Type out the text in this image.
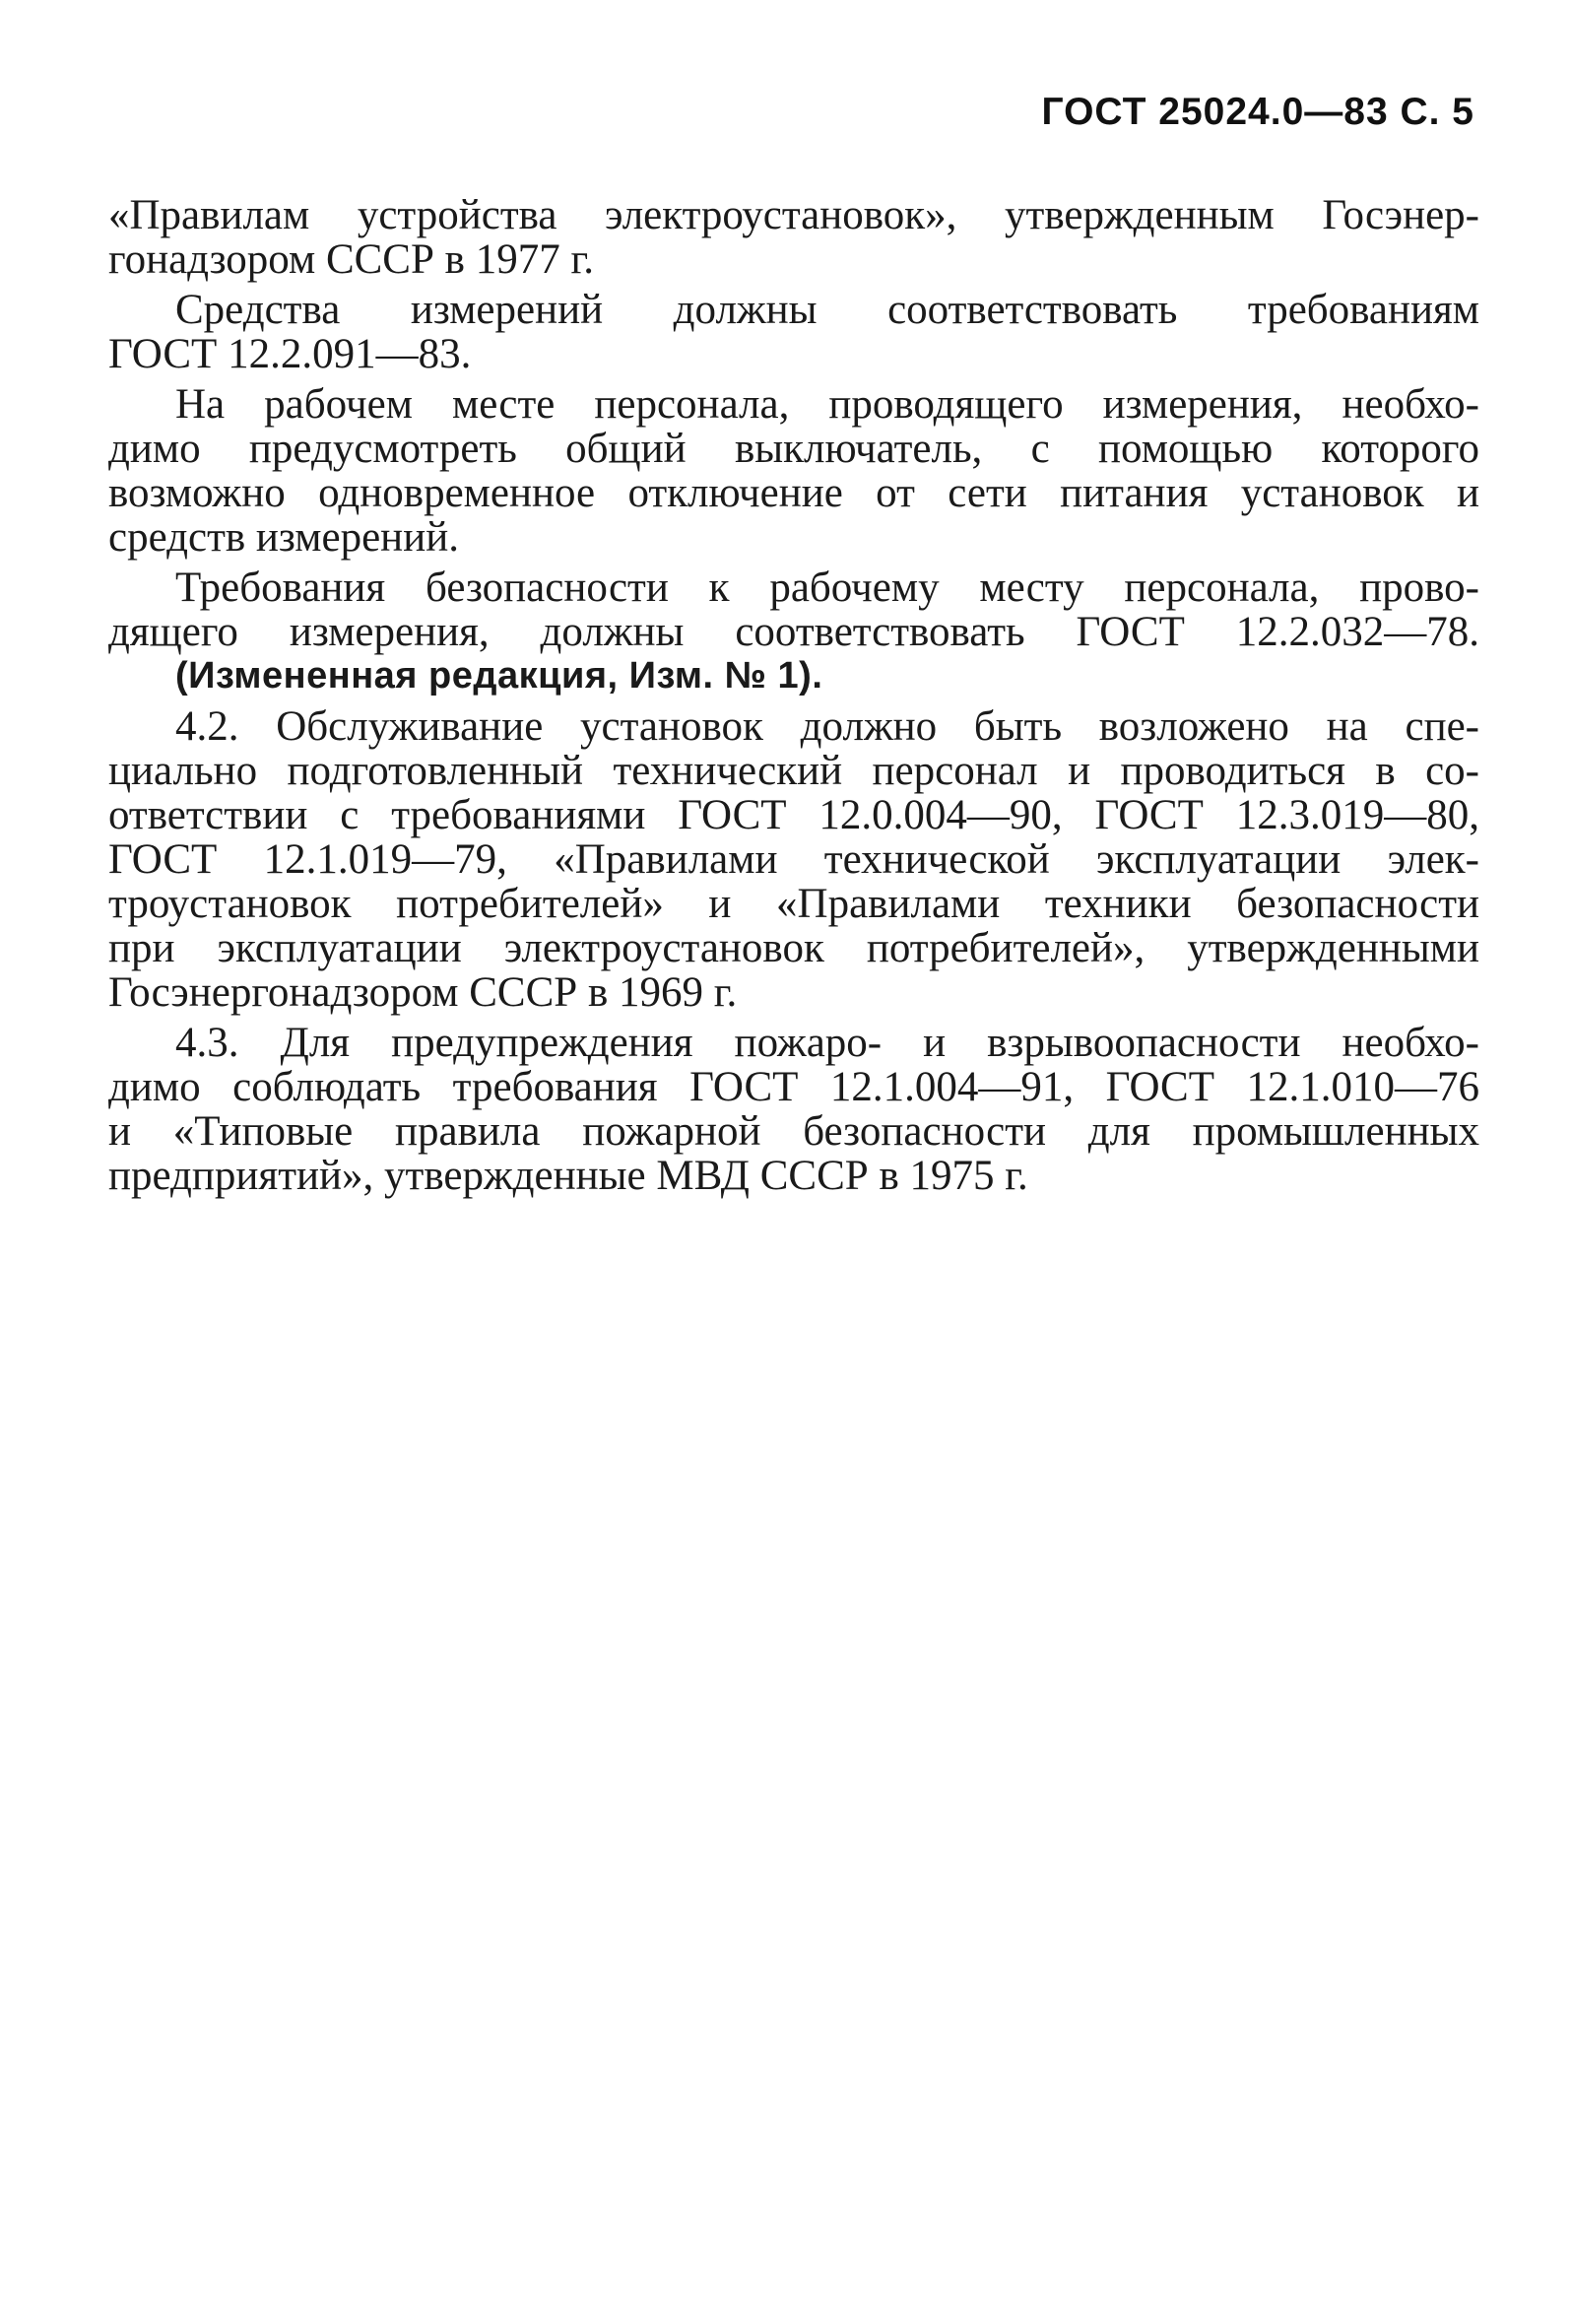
ГОСТ 25024.0—83 С. 5
«Правилам устройства электроустановок», утвержденным Госэнер-
гонадзором СССР в 1977 г.
Средства измерений должны соответствовать требованиям
ГОСТ 12.2.091—83.
На рабочем месте персонала, проводящего измерения, необхо-
димо предусмотреть общий выключатель, с помощью которого
возможно одновременное отключение от сети питания установок и
средств измерений.
Требования безопасности к рабочему месту персонала, прово-
дящего измерения, должны соответствовать ГОСТ 12.2.032—78.
(Измененная редакция, Изм. № 1).
4.2. Обслуживание установок должно быть возложено на спе-
циально подготовленный технический персонал и проводиться в со-
ответствии с требованиями ГОСТ 12.0.004—90, ГОСТ 12.3.019—80,
ГОСТ 12.1.019—79, «Правилами технической эксплуатации элек-
троустановок потребителей» и «Правилами техники безопасности
при эксплуатации электроустановок потребителей», утвержденными
Госэнергонадзором СССР в 1969 г.
4.3. Для предупреждения пожаро- и взрывоопасности необхо-
димо соблюдать требования ГОСТ 12.1.004—91, ГОСТ 12.1.010—76
и «Типовые правила пожарной безопасности для промышленных
предприятий», утвержденные МВД СССР в 1975 г.
